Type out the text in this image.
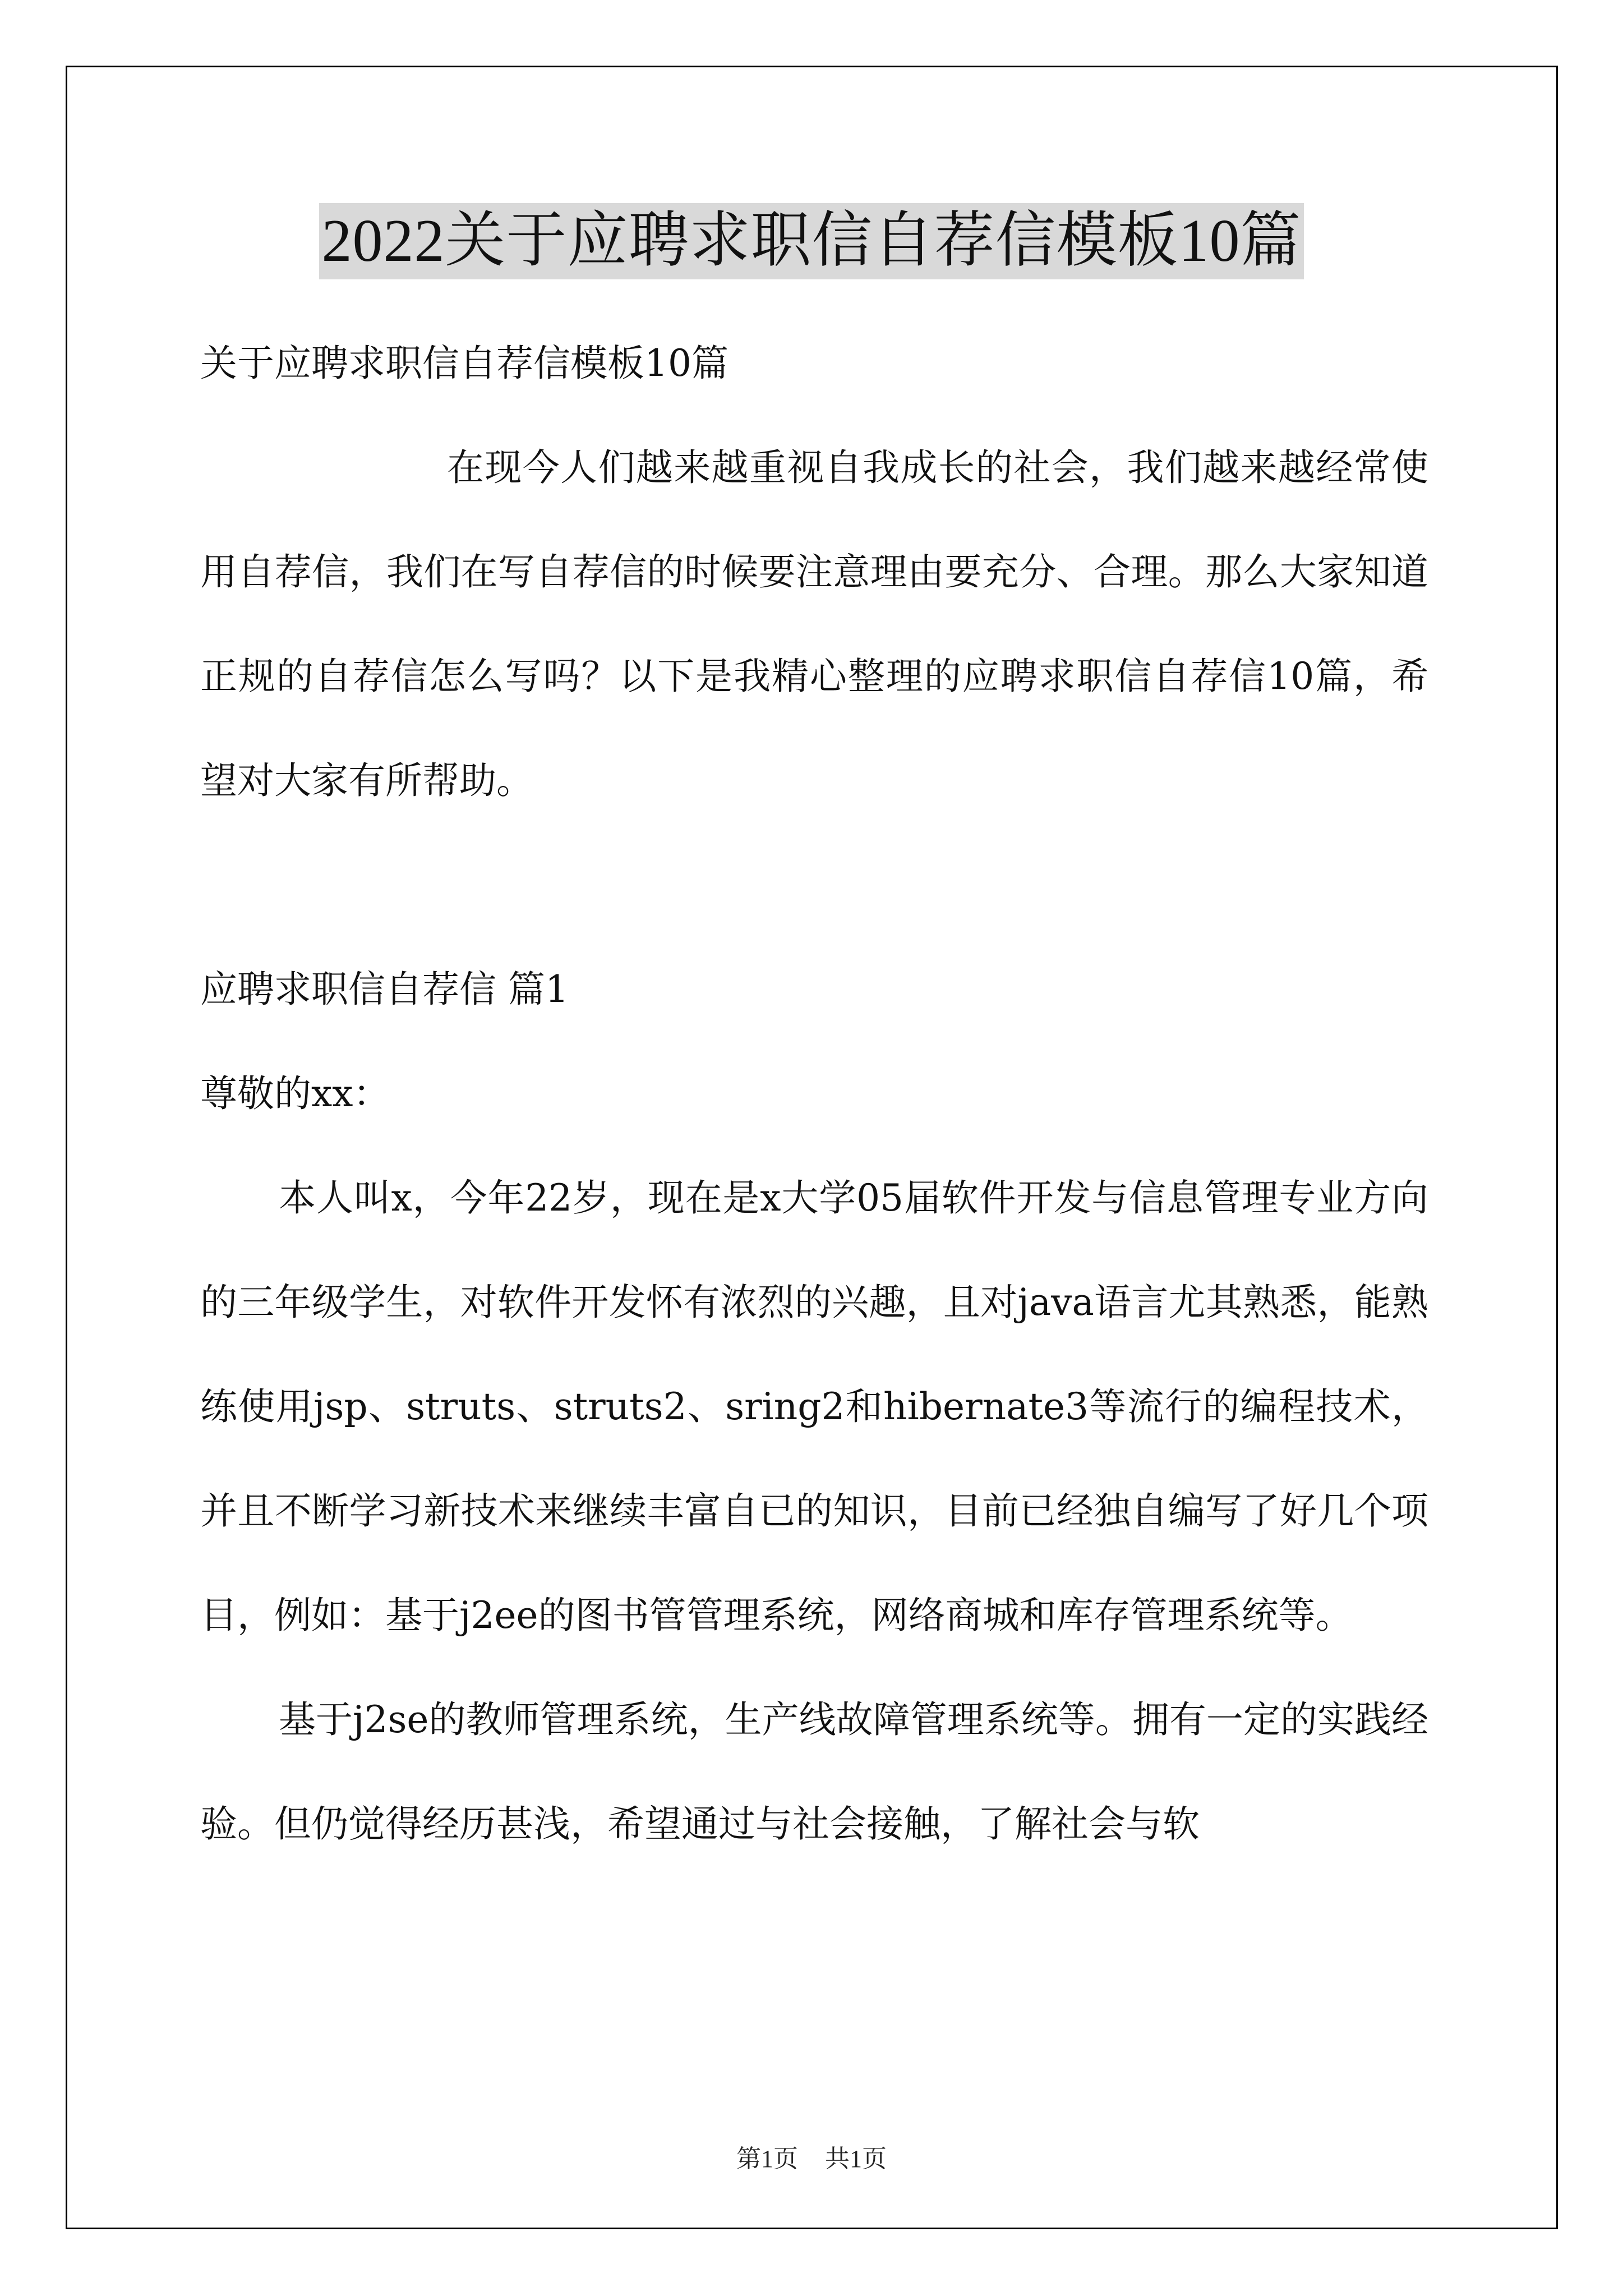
2022关于应聘求职信自荐信模板10篇

关于应聘求职信自荐信模板10篇

在现今人们越来越重视自我成长的社会，我们越来越经常使用自荐信，我们在写自荐信的时候要注意理由要充分、合理。那么大家知道正规的自荐信怎么写吗？以下是我精心整理的应聘求职信自荐信10篇，希望对大家有所帮助。

应聘求职信自荐信 篇1

尊敬的xx：

本人叫x，今年22岁，现在是x大学05届软件开发与信息管理专业方向的三年级学生，对软件开发怀有浓烈的兴趣，且对java语言尤其熟悉，能熟练使用jsp、struts、struts2、sring2和hibernate3等流行的编程技术，并且不断学习新技术来继续丰富自已的知识，目前已经独自编写了好几个项目，例如：基于j2ee的图书管管理系统，网络商城和库存管理系统等。

基于j2se的教师管理系统，生产线故障管理系统等。拥有一定的实践经验。但仍觉得经历甚浅，希望通过与社会接触，了解社会与软

第1页 共1页
